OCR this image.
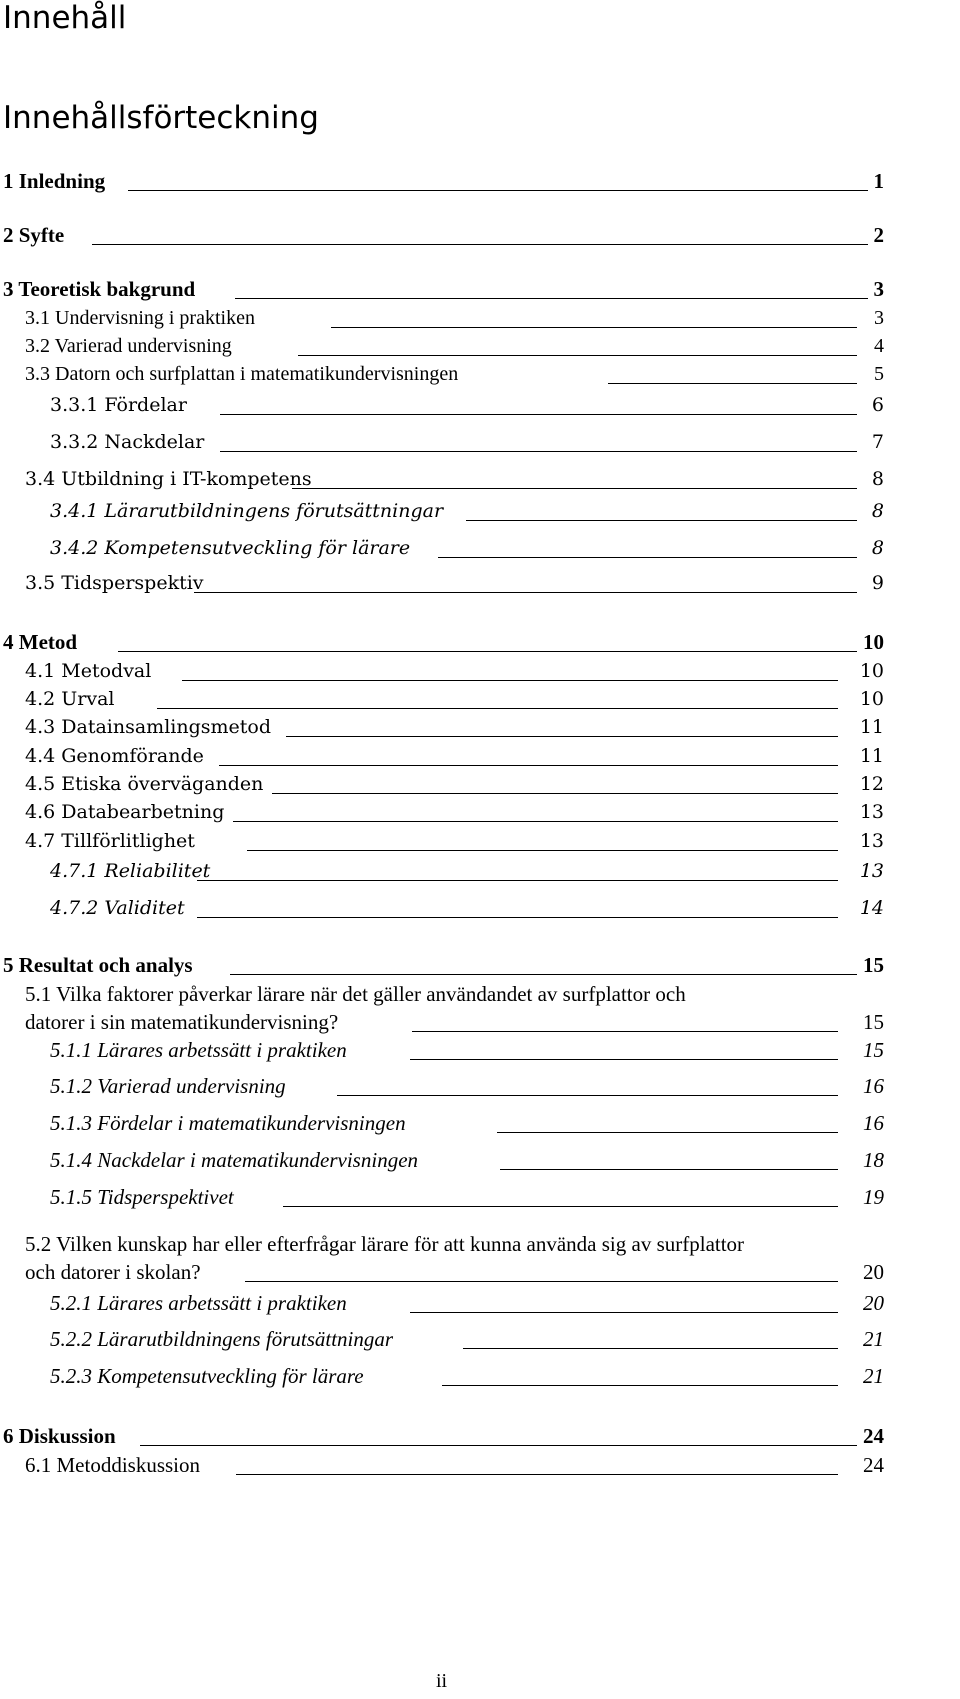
Innehåll
Innehållsförteckning
1 Inledning	1
2 Syfte	2
3 Teoretisk bakgrund	3
3.1 Undervisning i praktiken	3
3.2 Varierad undervisning	4
3.3 Datorn och surfplattan i matematikundervisningen	5
3.3.1 Fördelar	6
3.3.2 Nackdelar	7
3.4 Utbildning i IT-kompetens	8
3.4.1 Lärarutbildningens förutsättningar	8
3.4.2 Kompetensutveckling för lärare	8
3.5 Tidsperspektiv	9
4 Metod	10
4.1 Metodval	10
4.2 Urval	10
4.3 Datainsamlingsmetod	11
4.4 Genomförande	11
4.5 Etiska överväganden	12
4.6 Databearbetning	13
4.7 Tillförlitlighet	13
4.7.1 Reliabilitet	13
4.7.2 Validitet	14
5 Resultat och analys	15
5.1 Vilka faktorer påverkar lärare när det gäller användandet av surfplattor och
datorer i sin matematikundervisning?	15
5.1.1 Lärares arbetssätt i praktiken	15
5.1.2 Varierad undervisning	16
5.1.3 Fördelar i matematikundervisningen	16
5.1.4 Nackdelar i matematikundervisningen	18
5.1.5 Tidsperspektivet	19
5.2 Vilken kunskap har eller efterfrågar lärare för att kunna använda sig av surfplattor
och datorer i skolan?	20
5.2.1 Lärares arbetssätt i praktiken	20
5.2.2 Lärarutbildningens förutsättningar	21
5.2.3 Kompetensutveckling för lärare	21
6 Diskussion	24
6.1 Metoddiskussion	24
ii
